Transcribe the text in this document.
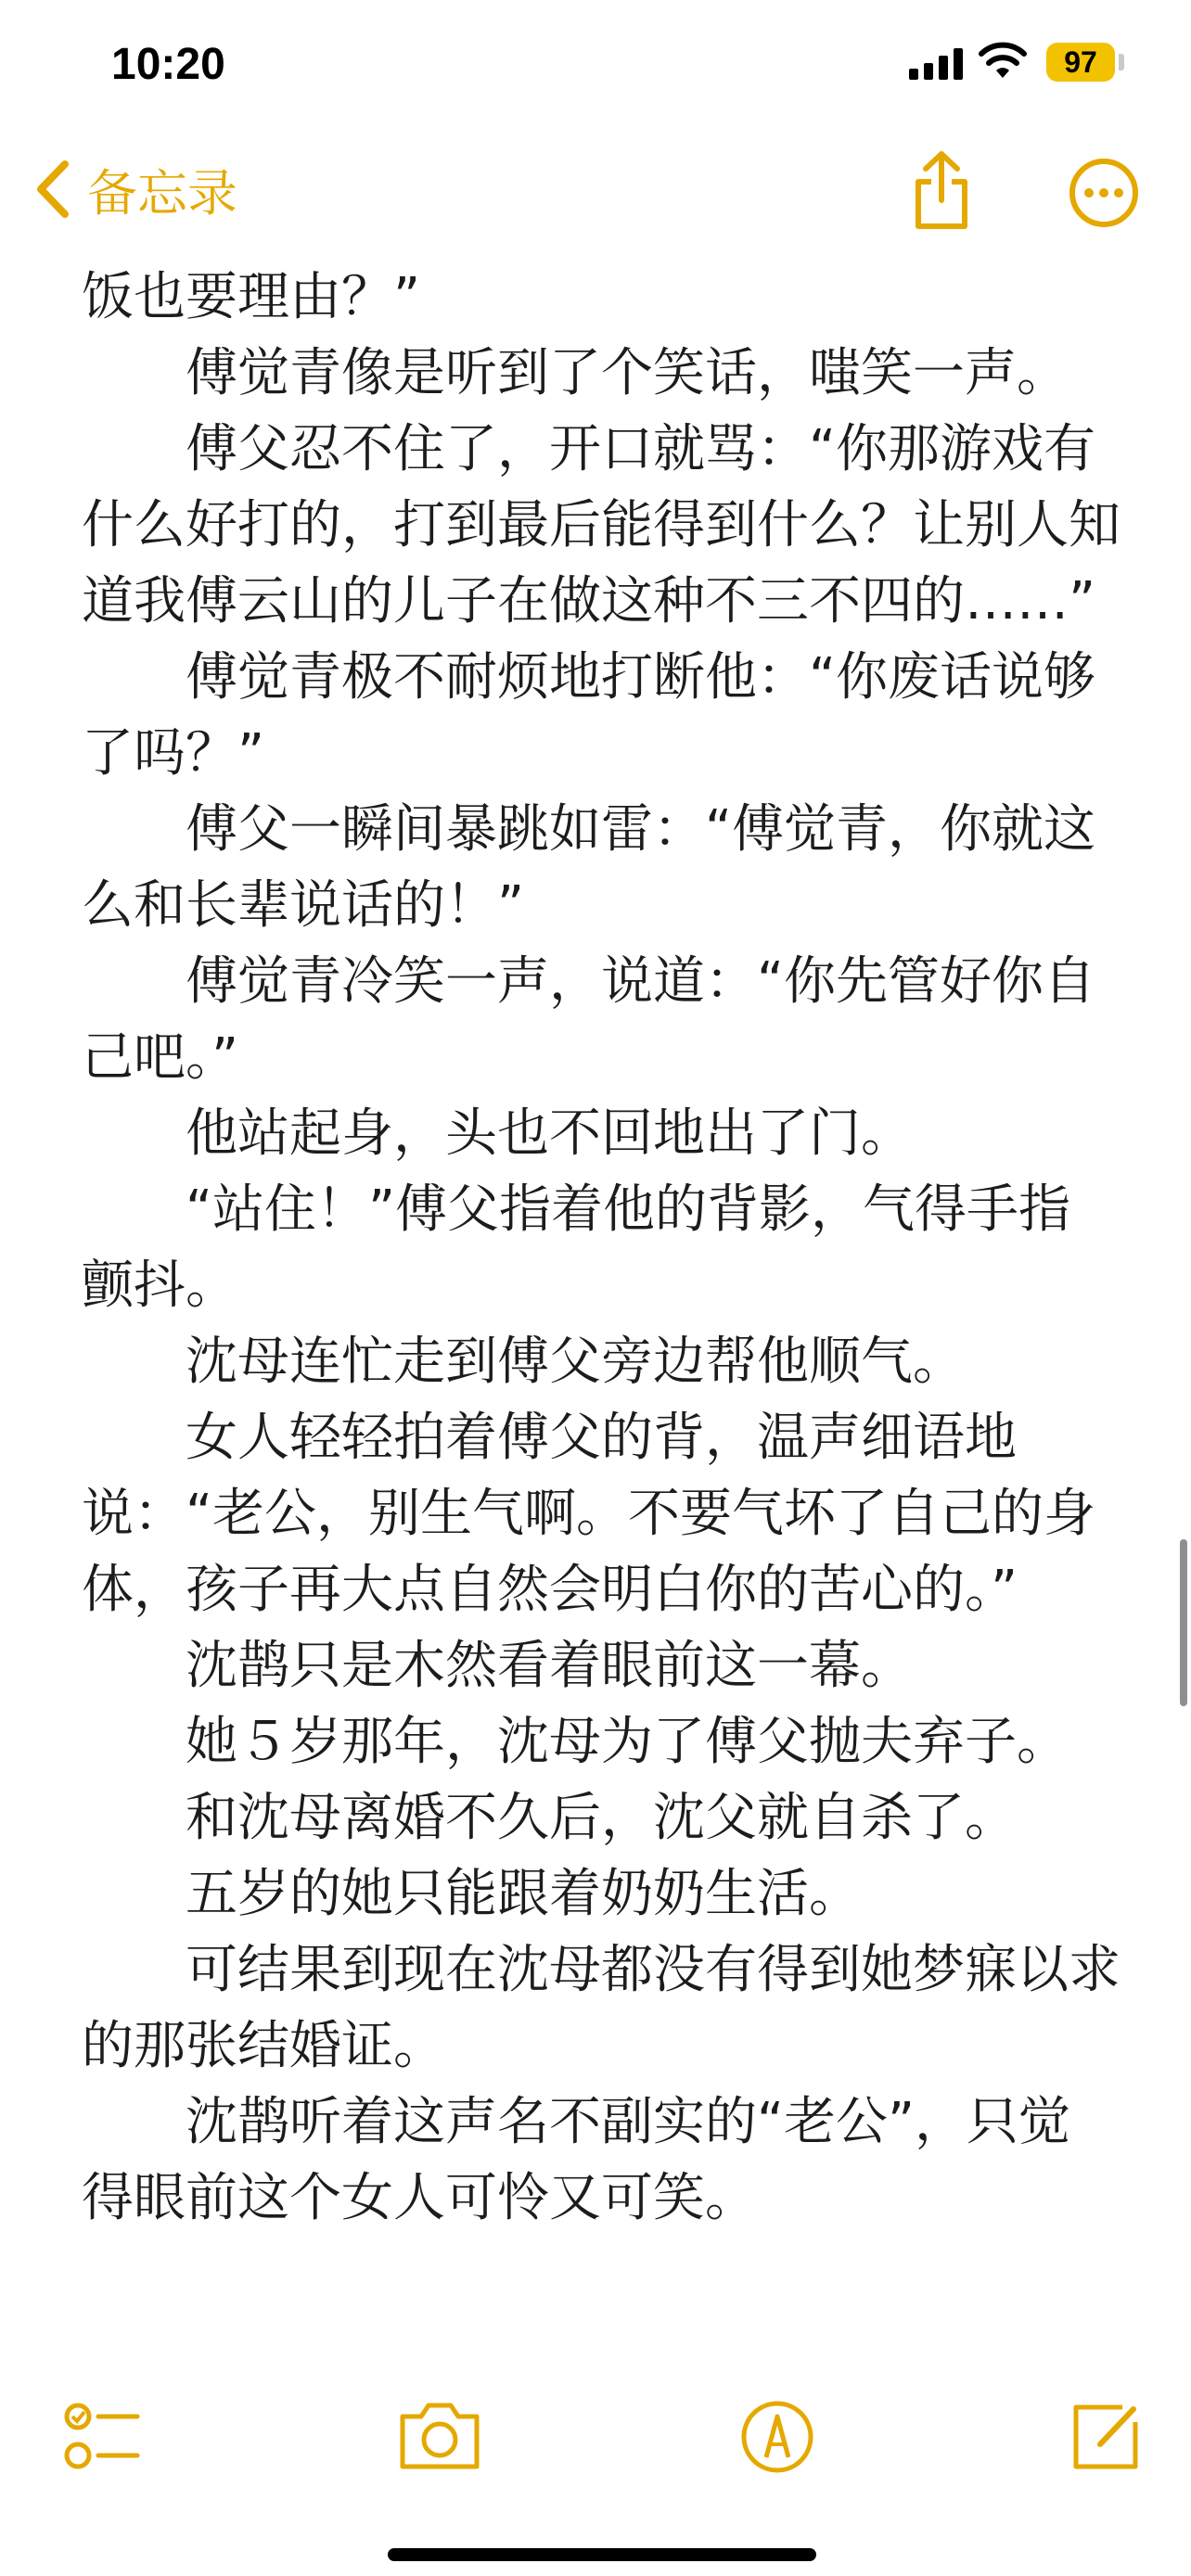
10:20	97
备忘录

饭也要理由？”

傅觉青像是听到了个笑话，嗤笑一声。

傅父忍不住了，开口就骂：“你那游戏有什么好打的，打到最后能得到什么？让别人知道我傅云山的儿子在做这种不三不四的……”

傅觉青极不耐烦地打断他：“你废话说够了吗？”

傅父一瞬间暴跳如雷：“傅觉青，你就这么和长辈说话的！”

傅觉青冷笑一声，说道：“你先管好你自己吧。”

他站起身，头也不回地出了门。

“站住！”傅父指着他的背影，气得手指颤抖。

沈母连忙走到傅父旁边帮他顺气。

女人轻轻拍着傅父的背，温声细语地说：“老公，别生气啊。不要气坏了自己的身体，孩子再大点自然会明白你的苦心的。”

沈鹊只是木然看着眼前这一幕。

她５岁那年，沈母为了傅父抛夫弃子。

和沈母离婚不久后，沈父就自杀了。

五岁的她只能跟着奶奶生活。

可结果到现在沈母都没有得到她梦寐以求的那张结婚证。

沈鹊听着这声名不副实的“老公”，只觉得眼前这个女人可怜又可笑。
